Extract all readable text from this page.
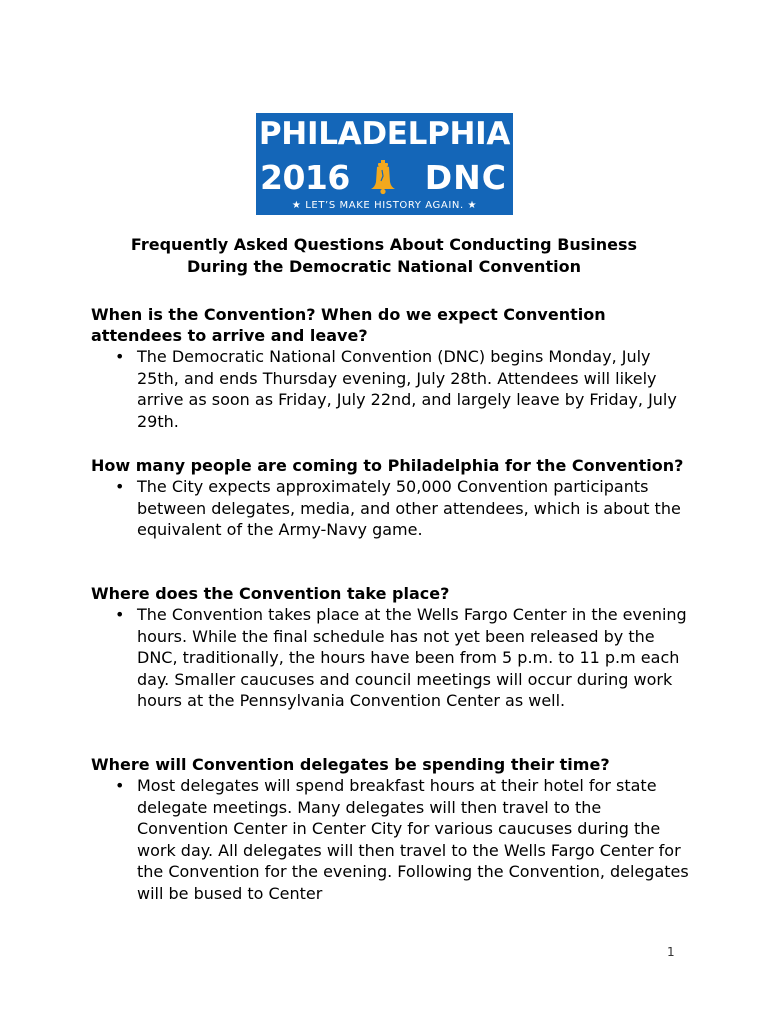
PHILADELPHIA
2016 DNC
★ LET’S MAKE HISTORY AGAIN. ★
Frequently Asked Questions About Conducting Business
During the Democratic National Convention

When is the Convention? When do we expect Convention attendees to arrive and leave?

• The Democratic National Convention (DNC) begins Monday, July 25th, and ends Thursday evening, July 28th. Attendees will likely arrive as soon as Friday, July 22nd, and largely leave by Friday, July 29th.

How many people are coming to Philadelphia for the Convention?

• The City expects approximately 50,000 Convention participants between delegates, media, and other attendees, which is about the equivalent of the Army-Navy game.

Where does the Convention take place?

• The Convention takes place at the Wells Fargo Center in the evening hours. While the final schedule has not yet been released by the DNC, traditionally, the hours have been from 5 p.m. to 11 p.m each day. Smaller caucuses and council meetings will occur during work hours at the Pennsylvania Convention Center as well.

Where will Convention delegates be spending their time?

• Most delegates will spend breakfast hours at their hotel for state delegate meetings. Many delegates will then travel to the Convention Center in Center City for various caucuses during the work day. All delegates will then travel to the Wells Fargo Center for the Convention for the evening. Following the Convention, delegates will be bused to Center

1
